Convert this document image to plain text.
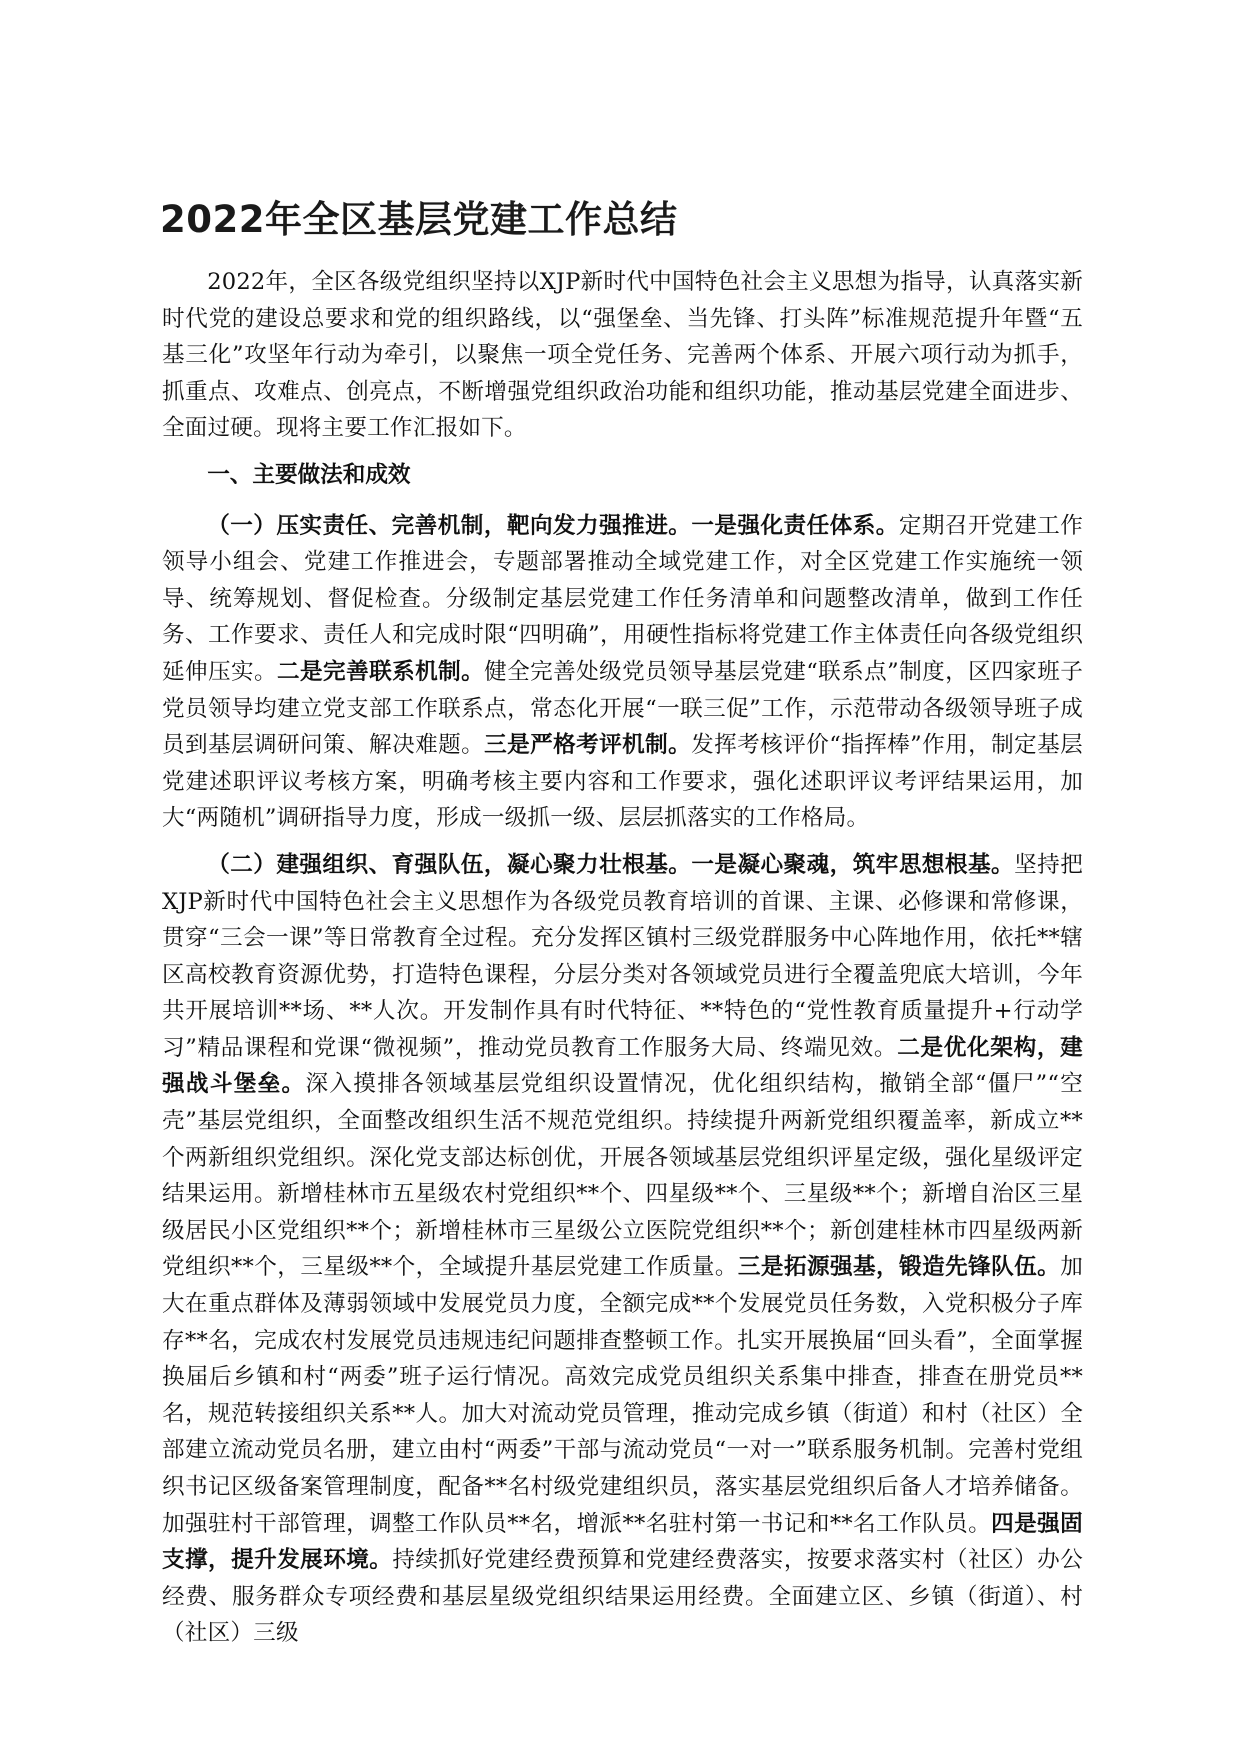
2022年全区基层党建工作总结

2022年，全区各级党组织坚持以XJP新时代中国特色社会主义思想为指导，认真落实新时代党的建设总要求和党的组织路线，以“强堡垒、当先锋、打头阵”标准规范提升年暨“五基三化”攻坚年行动为牵引，以聚焦一项全党任务、完善两个体系、开展六项行动为抓手，抓重点、攻难点、创亮点，不断增强党组织政治功能和组织功能，推动基层党建全面进步、全面过硬。现将主要工作汇报如下。

一、主要做法和成效

（一）压实责任、完善机制，靶向发力强推进。一是强化责任体系。定期召开党建工作领导小组会、党建工作推进会，专题部署推动全域党建工作，对全区党建工作实施统一领导、统筹规划、督促检查。分级制定基层党建工作任务清单和问题整改清单，做到工作任务、工作要求、责任人和完成时限“四明确”，用硬性指标将党建工作主体责任向各级党组织延伸压实。二是完善联系机制。健全完善处级党员领导基层党建“联系点”制度，区四家班子党员领导均建立党支部工作联系点，常态化开展“一联三促”工作，示范带动各级领导班子成员到基层调研问策、解决难题。三是严格考评机制。发挥考核评价“指挥棒”作用，制定基层党建述职评议考核方案，明确考核主要内容和工作要求，强化述职评议考评结果运用，加大“两随机”调研指导力度，形成一级抓一级、层层抓落实的工作格局。

（二）建强组织、育强队伍，凝心聚力壮根基。一是凝心聚魂，筑牢思想根基。坚持把XJP新时代中国特色社会主义思想作为各级党员教育培训的首课、主课、必修课和常修课，贯穿“三会一课”等日常教育全过程。充分发挥区镇村三级党群服务中心阵地作用，依托**辖区高校教育资源优势，打造特色课程，分层分类对各领域党员进行全覆盖兜底大培训，今年共开展培训**场、**人次。开发制作具有时代特征、**特色的“党性教育质量提升+行动学习”精品课程和党课“微视频”，推动党员教育工作服务大局、终端见效。二是优化架构，建强战斗堡垒。深入摸排各领域基层党组织设置情况，优化组织结构，撤销全部“僵尸”“空壳”基层党组织，全面整改组织生活不规范党组织。持续提升两新党组织覆盖率，新成立**个两新组织党组织。深化党支部达标创优，开展各领域基层党组织评星定级，强化星级评定结果运用。新增桂林市五星级农村党组织**个、四星级**个、三星级**个；新增自治区三星级居民小区党组织**个；新增桂林市三星级公立医院党组织**个；新创建桂林市四星级两新党组织**个，三星级**个，全域提升基层党建工作质量。三是拓源强基，锻造先锋队伍。加大在重点群体及薄弱领域中发展党员力度，全额完成**个发展党员任务数，入党积极分子库存**名，完成农村发展党员违规违纪问题排查整顿工作。扎实开展换届“回头看”，全面掌握换届后乡镇和村“两委”班子运行情况。高效完成党员组织关系集中排查，排查在册党员**名，规范转接组织关系**人。加大对流动党员管理，推动完成乡镇（街道）和村（社区）全部建立流动党员名册，建立由村“两委”干部与流动党员“一对一”联系服务机制。完善村党组织书记区级备案管理制度，配备**名村级党建组织员，落实基层党组织后备人才培养储备。加强驻村干部管理，调整工作队员**名，增派**名驻村第一书记和**名工作队员。四是强固支撑，提升发展环境。持续抓好党建经费预算和党建经费落实，按要求落实村（社区）办公经费、服务群众专项经费和基层星级党组织结果运用经费。全面建立区、乡镇（街道）、村（社区）三级
